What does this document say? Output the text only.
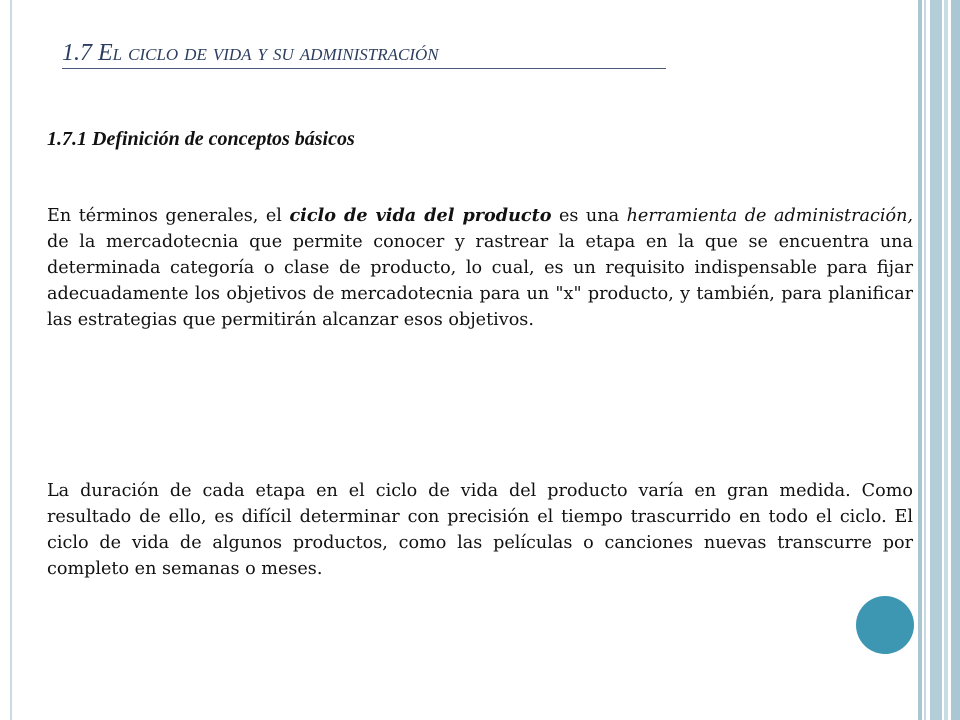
1.7 El ciclo de vida y su administración
1.7.1 Definición de conceptos básicos
En términos generales, el ciclo de vida del producto es una herramienta de administración, de la mercadotecnia que permite conocer y rastrear la etapa en la que se encuentra una determinada categoría o clase de producto, lo cual, es un requisito indispensable para fijar adecuadamente los objetivos de mercadotecnia para un "x" producto, y también, para planificar las estrategias que permitirán alcanzar esos objetivos.
La duración de cada etapa en el ciclo de vida del producto varía en gran medida. Como resultado de ello, es difícil determinar con precisión el tiempo trascurrido en todo el ciclo. El ciclo de vida de algunos productos, como las películas o canciones nuevas transcurre por completo en semanas o meses.
